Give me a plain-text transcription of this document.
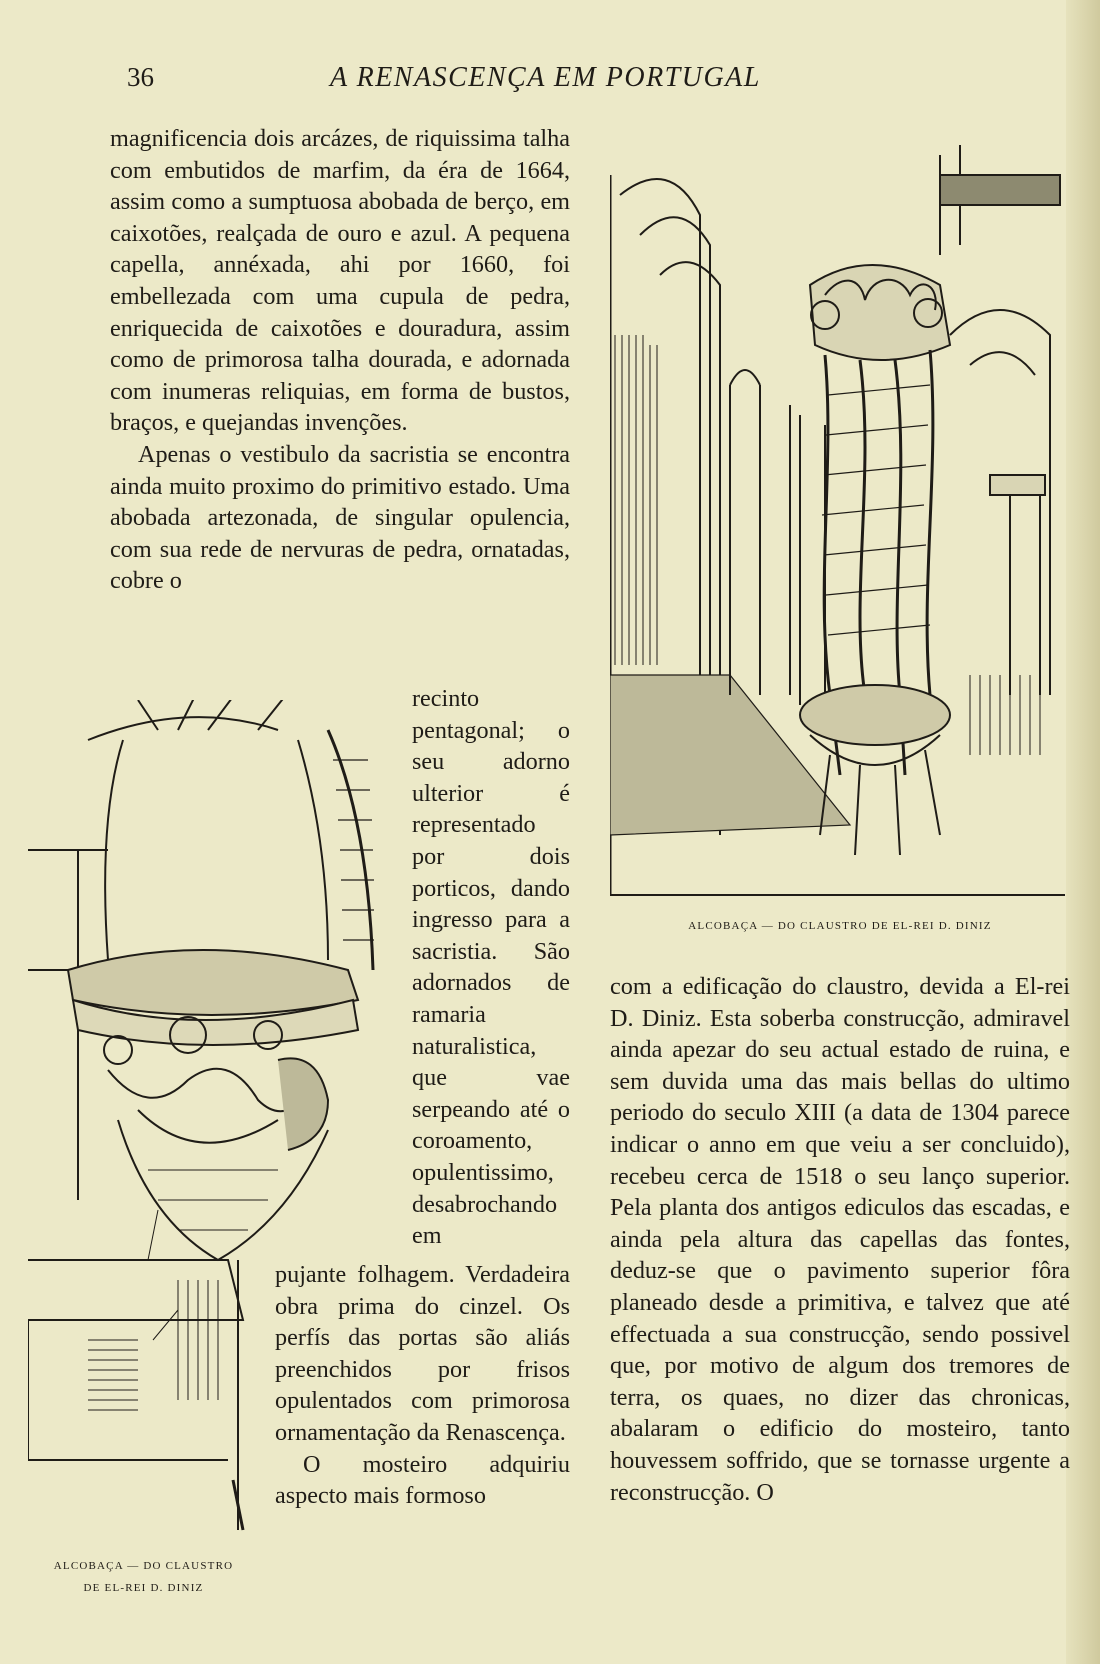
36	A RENASCENÇA EM PORTUGAL

magnificencia dois arcázes, de riquissima talha com embutidos de marfim, da éra de 1664, assim como a sumptuosa abobada de berço, em caixotões, realçada de ouro e azul. A pequena capella, annéxada, ahi por 1660, foi embellezada com uma cupula de pedra, enriquecida de caixotões e douradura, assim como de primorosa talha dourada, e adornada com inumeras reliquias, em forma de bustos, braços, e quejandas invenções.

Apenas o vestibulo da sacristia se encontra ainda muito proximo do primitivo estado. Uma abobada artezonada, de singular opulencia, com sua rede de nervuras de pedra, ornatadas, cobre o

recinto pentagonal; o seu adorno ulterior é representado por dois porticos, dando ingresso para a sacristia. São adornados de ramaria naturalistica, que vae serpeando até o coroamento, opulentissimo, desabrochando em

pujante folhagem. Verdadeira obra prima do cinzel. Os perfís das portas são aliás preenchidos por frisos opulentados com primorosa ornamentação da Renascença.

O mosteiro adquiriu aspecto mais formoso

com a edificação do claustro, devida a El-rei D. Diniz. Esta soberba construcção, admiravel ainda apezar do seu actual estado de ruina, e sem duvida uma das mais bellas do ultimo periodo do seculo XIII (a data de 1304 parece indicar o anno em que veiu a ser concluido), recebeu cerca de 1518 o seu lanço superior. Pela planta dos antigos ediculos das escadas, e ainda pela altura das capellas das fontes, deduz-se que o pavimento superior fôra planeado desde a primitiva, e talvez que até effectuada a sua construcção, sendo possivel que, por motivo de algum dos tremores de terra, os quaes, no dizer das chronicas, abalaram o edificio do mosteiro, tanto houvessem soffrido, que se tornasse urgente a reconstrucção. O

ALCOBAÇA — DO CLAUSTRO DE EL-REI D. DINIZ
ALCOBAÇA — DO CLAUSTRO
DE EL-REI D. DINIZ
